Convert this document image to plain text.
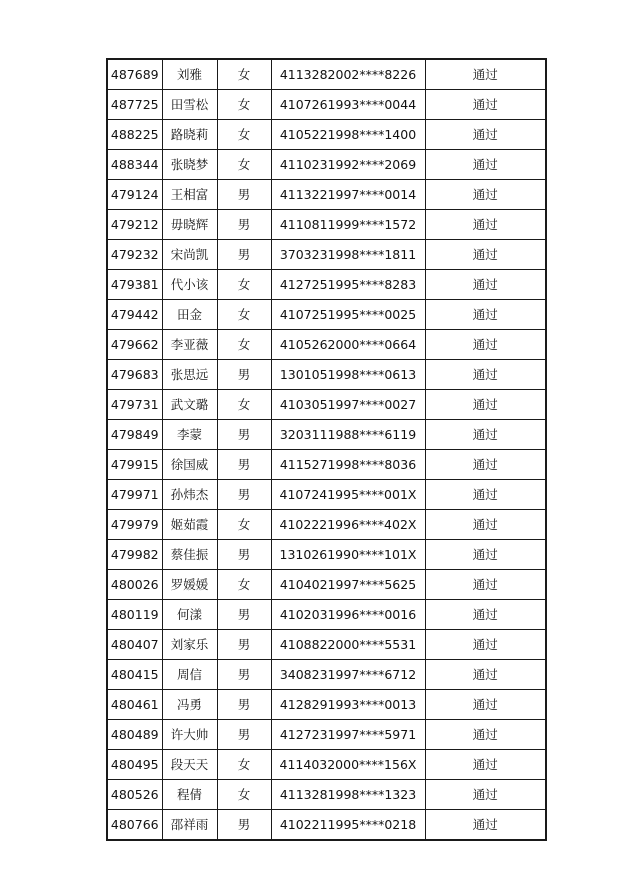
487689	刘雅	女	4113282002****8226	通过
487725	田雪松	女	4107261993****0044	通过
488225	路晓莉	女	4105221998****1400	通过
488344	张晓梦	女	4110231992****2069	通过
479124	王相富	男	4113221997****0014	通过
479212	毋晓辉	男	4110811999****1572	通过
479232	宋尚凯	男	3703231998****1811	通过
479381	代小该	女	4127251995****8283	通过
479442	田金	女	4107251995****0025	通过
479662	李亚薇	女	4105262000****0664	通过
479683	张思远	男	1301051998****0613	通过
479731	武文璐	女	4103051997****0027	通过
479849	李蒙	男	3203111988****6119	通过
479915	徐国威	男	4115271998****8036	通过
479971	孙炜杰	男	4107241995****001X	通过
479979	姬茹霞	女	4102221996****402X	通过
479982	蔡佳振	男	1310261990****101X	通过
480026	罗媛媛	女	4104021997****5625	通过
480119	何漾	男	4102031996****0016	通过
480407	刘家乐	男	4108822000****5531	通过
480415	周信	男	3408231997****6712	通过
480461	冯勇	男	4128291993****0013	通过
480489	许大帅	男	4127231997****5971	通过
480495	段天天	女	4114032000****156X	通过
480526	程倩	女	4113281998****1323	通过
480766	邵祥雨	男	4102211995****0218	通过
